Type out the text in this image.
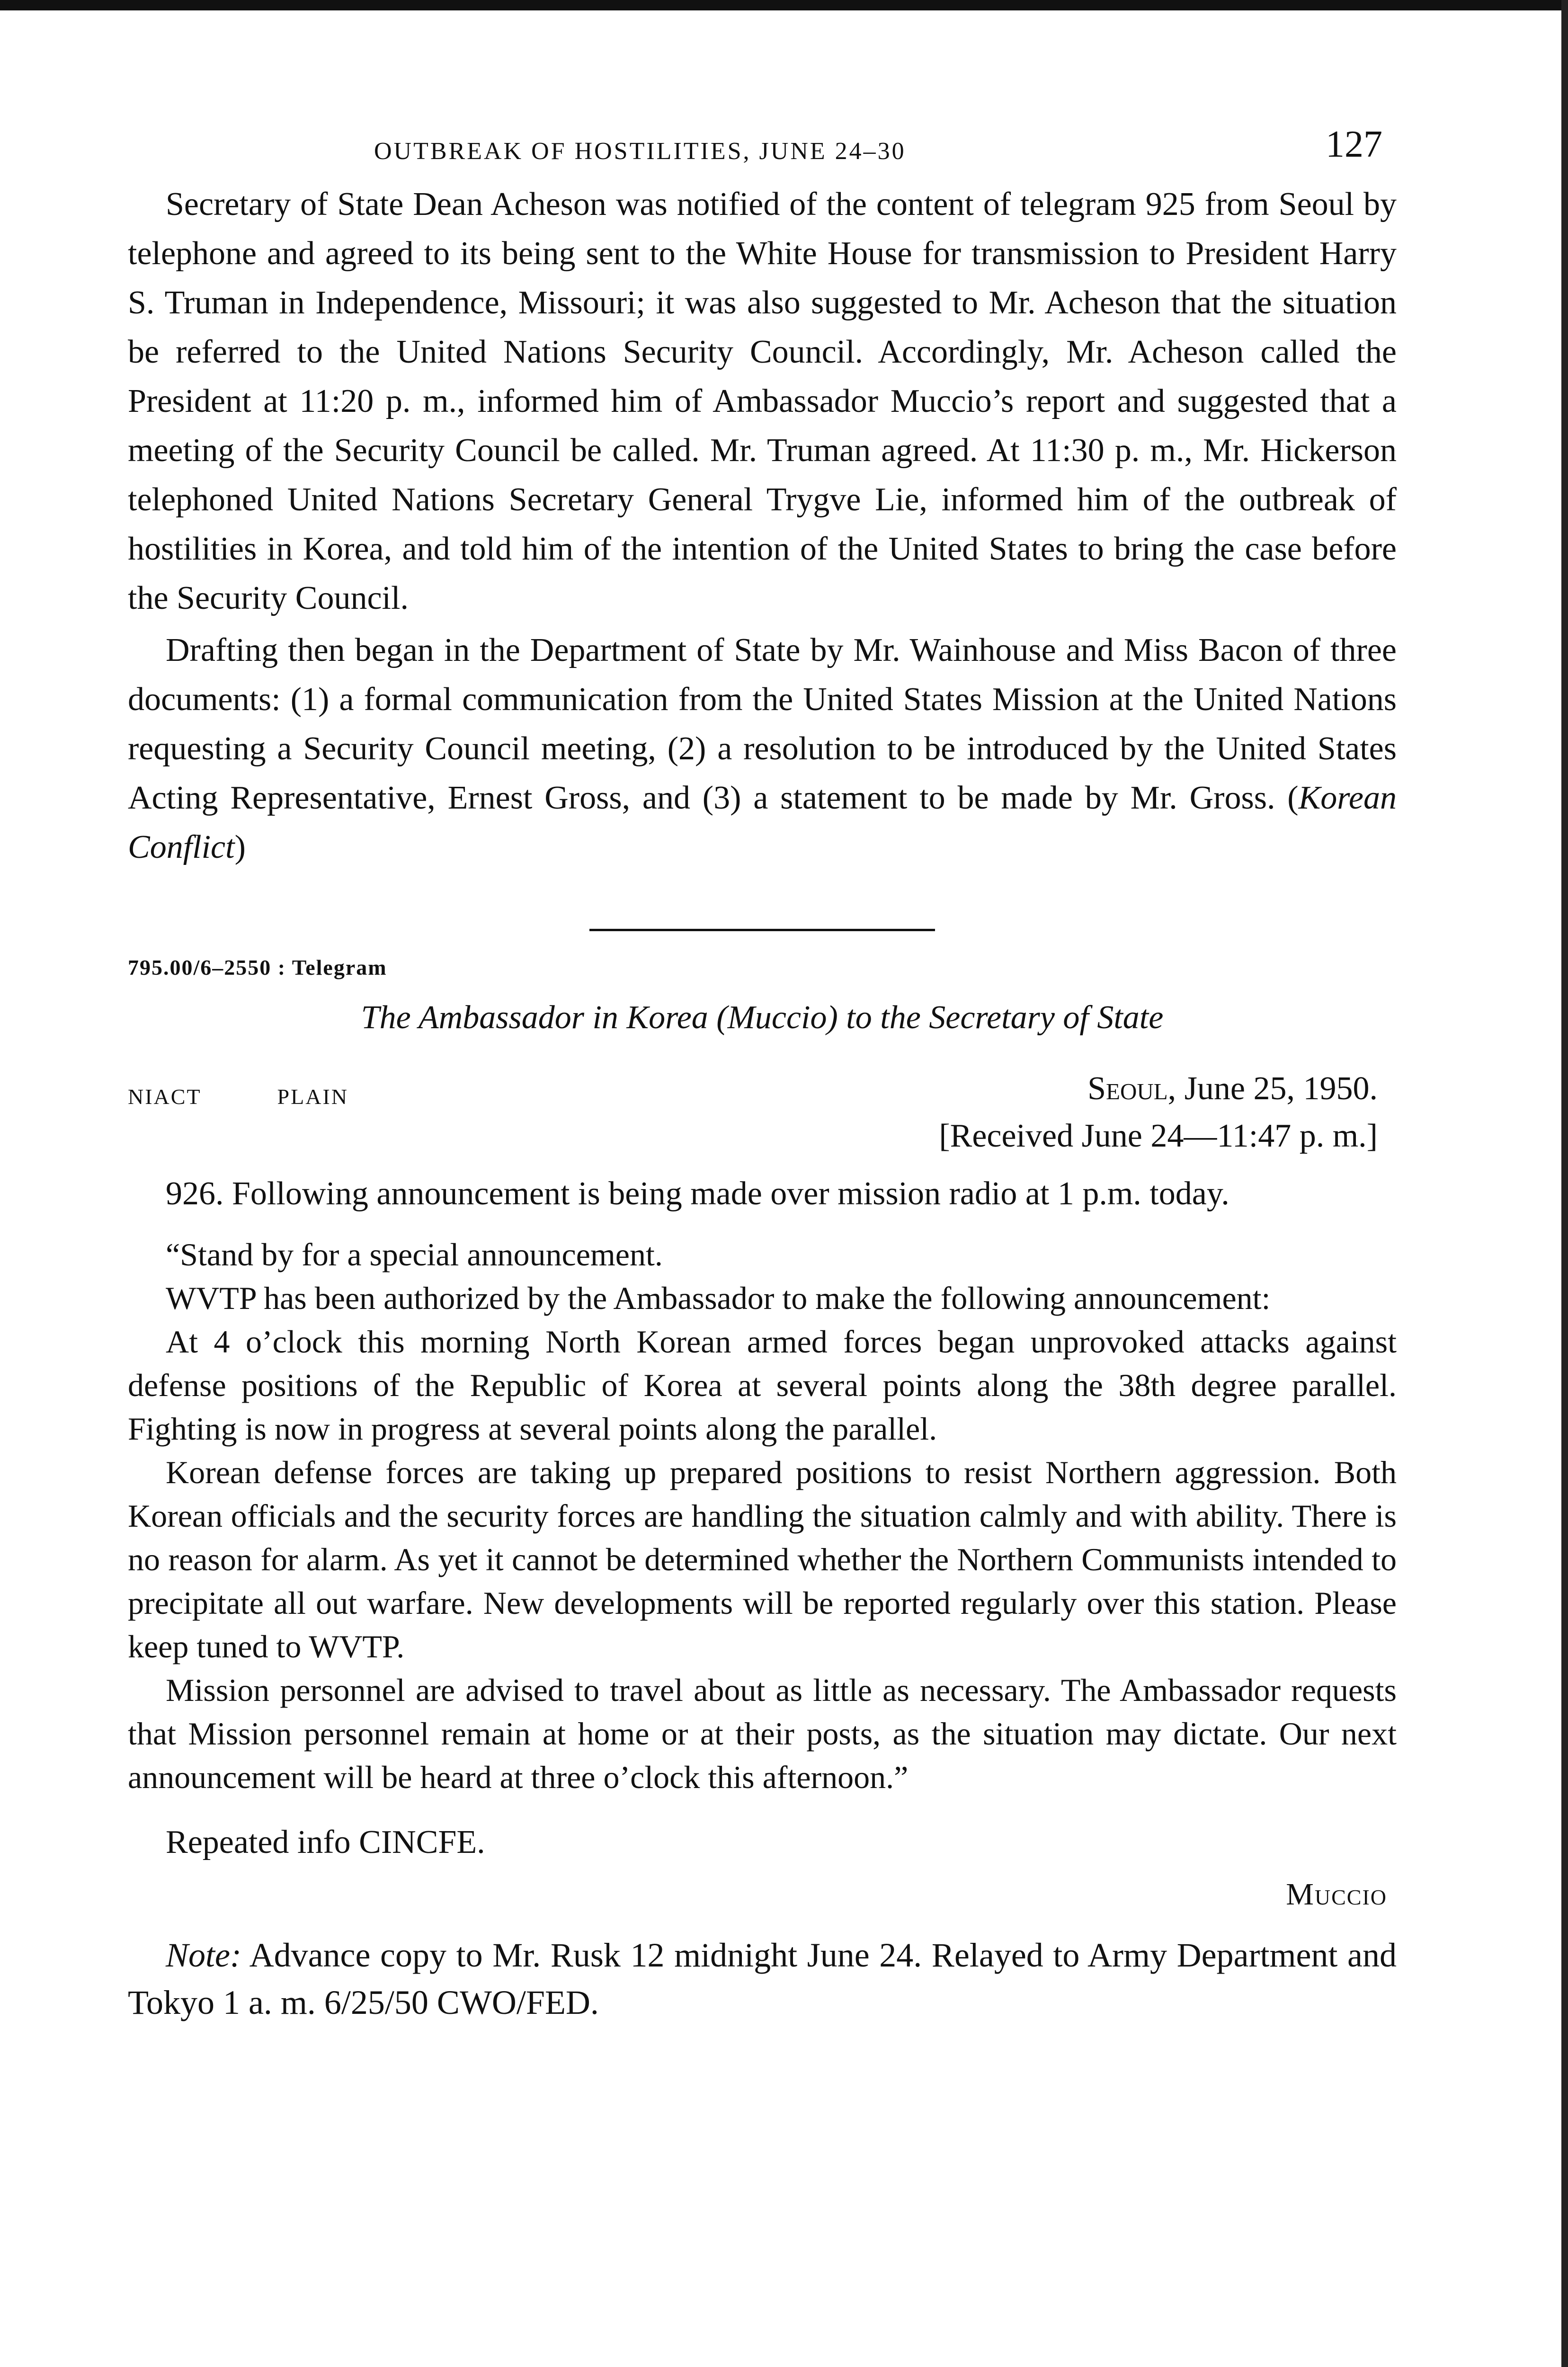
OUTBREAK OF HOSTILITIES, JUNE 24–30	127

Secretary of State Dean Acheson was notified of the content of telegram 925 from Seoul by telephone and agreed to its being sent to the White House for transmission to President Harry S. Truman in Independence, Missouri; it was also suggested to Mr. Acheson that the situation be referred to the United Nations Security Council. Accordingly, Mr. Acheson called the President at 11:20 p. m., informed him of Ambassador Muccio’s report and suggested that a meeting of the Security Council be called. Mr. Truman agreed. At 11:30 p. m., Mr. Hickerson telephoned United Nations Secretary General Trygve Lie, informed him of the outbreak of hostilities in Korea, and told him of the intention of the United States to bring the case before the Security Council.

Drafting then began in the Department of State by Mr. Wainhouse and Miss Bacon of three documents: (1) a formal communication from the United States Mission at the United Nations requesting a Security Council meeting, (2) a resolution to be introduced by the United States Acting Representative, Ernest Gross, and (3) a statement to be made by Mr. Gross. (Korean Conflict)

795.00/6–2550 : Telegram
The Ambassador in Korea (Muccio) to the Secretary of State
NIACT	PLAIN	Seoul, June 25, 1950.
[Received June 24—11:47 p. m.]

926. Following announcement is being made over mission radio at 1 p.m. today.

“Stand by for a special announcement.

WVTP has been authorized by the Ambassador to make the following announcement:

At 4 o’clock this morning North Korean armed forces began unprovoked attacks against defense positions of the Republic of Korea at several points along the 38th degree parallel. Fighting is now in progress at several points along the parallel.

Korean defense forces are taking up prepared positions to resist Northern aggression. Both Korean officials and the security forces are handling the situation calmly and with ability. There is no reason for alarm. As yet it cannot be determined whether the Northern Communists intended to precipitate all out warfare. New developments will be reported regularly over this station. Please keep tuned to WVTP.

Mission personnel are advised to travel about as little as necessary. The Ambassador requests that Mission personnel remain at home or at their posts, as the situation may dictate. Our next announcement will be heard at three o’clock this afternoon.”

Repeated info CINCFE.

Muccio

Note: Advance copy to Mr. Rusk 12 midnight June 24. Relayed to Army Department and Tokyo 1 a. m. 6/25/50 CWO/FED.
